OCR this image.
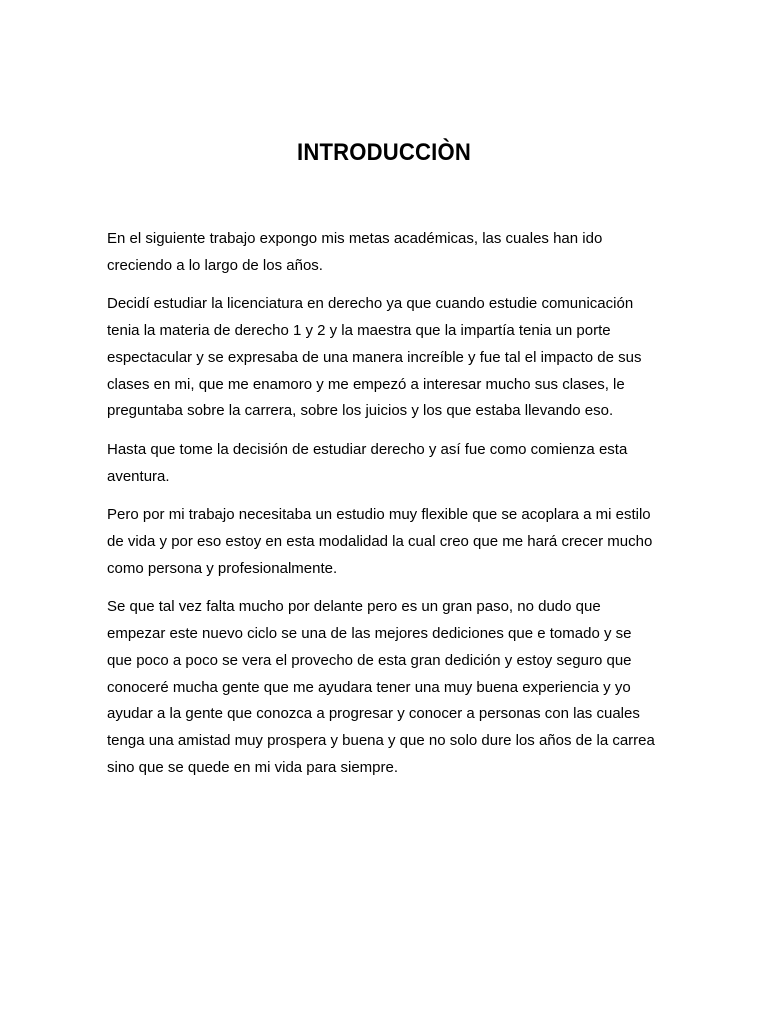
INTRODUCCIÒN

En el siguiente trabajo expongo mis metas académicas, las cuales han ido
creciendo a lo largo de los años.

Decidí estudiar la licenciatura en derecho ya que cuando estudie comunicación
tenia la materia de derecho 1 y 2 y la maestra que la impartía tenia un porte
espectacular y se expresaba de una manera increíble y fue tal el impacto de sus
clases en mi, que me enamoro y me empezó a interesar mucho sus clases, le
preguntaba sobre la carrera, sobre los juicios y los que estaba llevando eso.

Hasta que tome la decisión de estudiar derecho y así fue como comienza esta
aventura.

Pero por mi trabajo necesitaba un estudio muy flexible que se acoplara a mi estilo
de vida y por eso estoy en esta modalidad la cual creo que me hará crecer mucho
como persona y profesionalmente.

Se que tal vez falta mucho por delante pero es un gran paso, no dudo que
empezar este nuevo ciclo se una de las mejores dediciones que e tomado y se
que poco a poco se vera el provecho de esta gran dedición y estoy seguro que
conoceré mucha gente que me ayudara tener una muy buena experiencia y yo
ayudar a la gente que conozca a progresar y conocer a personas con las cuales
tenga una amistad muy prospera y buena y que no solo dure los años de la carrea
sino que se quede en mi vida para siempre.
